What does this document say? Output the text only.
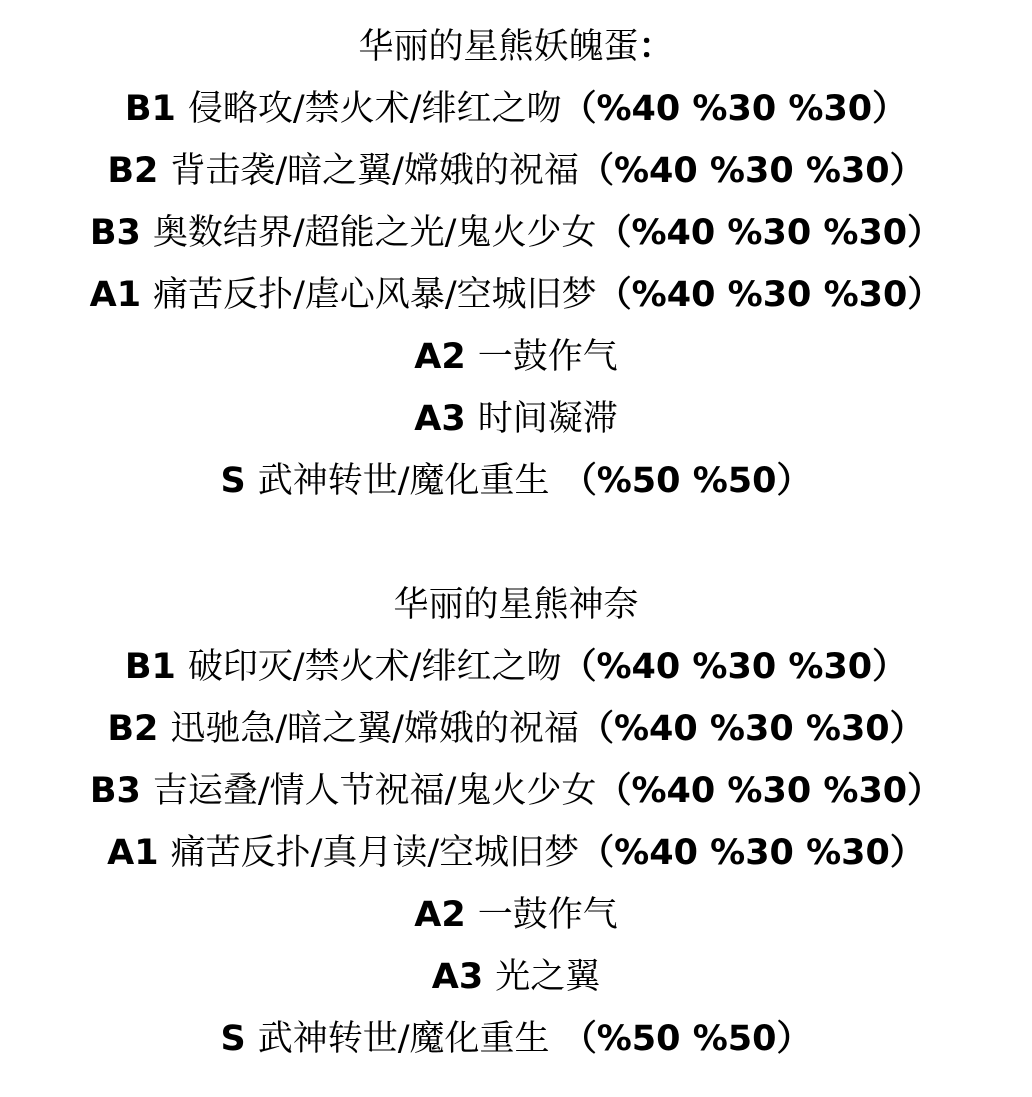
华丽的星熊妖魄蛋：
B1 侵略攻/禁火术/绯红之吻（%40 %30 %30）
B2 背击袭/暗之翼/嫦娥的祝福（%40 %30 %30）
B3 奥数结界/超能之光/鬼火少女（%40 %30 %30）
A1 痛苦反扑/虐心风暴/空城旧梦（%40 %30 %30）
A2 一鼓作气
A3 时间凝滞
S 武神转世/魔化重生 （%50 %50）
华丽的星熊神奈
B1 破印灭/禁火术/绯红之吻（%40 %30 %30）
B2 迅驰急/暗之翼/嫦娥的祝福（%40 %30 %30）
B3 吉运叠/情人节祝福/鬼火少女（%40 %30 %30）
A1 痛苦反扑/真月读/空城旧梦（%40 %30 %30）
A2 一鼓作气
A3 光之翼
S 武神转世/魔化重生 （%50 %50）
